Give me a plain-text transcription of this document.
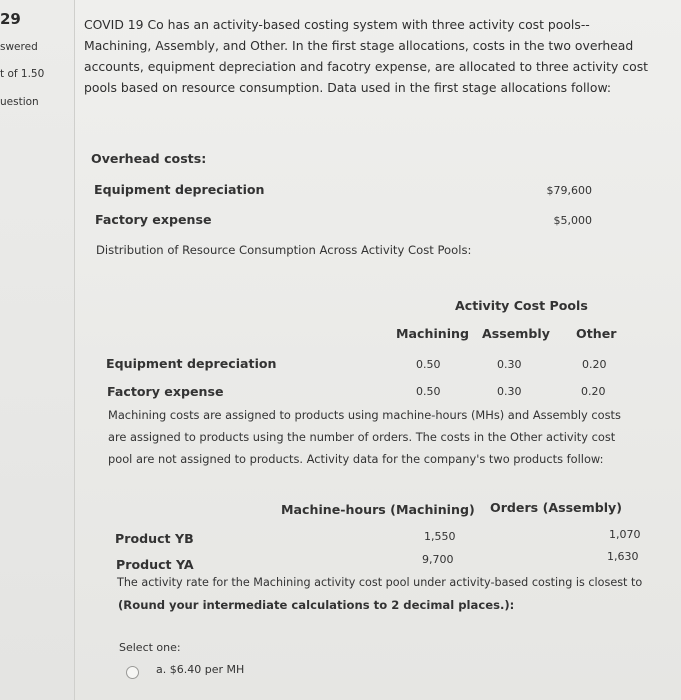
29
swered
t of 1.50
uestion
COVID 19 Co has an activity-based costing system with three activity cost pools--Machining, Assembly, and Other. In the first stage allocations, costs in the two overhead accounts, equipment depreciation and facotry expense, are allocated to three activity cost pools based on resource consumption. Data used in the first stage allocations follow:
Overhead costs:
Equipment depreciation	$79,600
Factory expense	$5,000
Distribution of Resource Consumption Across Activity Cost Pools:
Activity Cost Pools
Machining Assembly Other
Equipment depreciation	0.50	0.30	0.20
Factory expense	0.50	0.30	0.20
Machining costs are assigned to products using machine-hours (MHs) and Assembly costs are assigned to products using the number of orders. The costs in the Other activity cost pool are not assigned to products. Activity data for the company's two products follow:
Machine-hours (Machining) Orders (Assembly)
Product YB	1,550	1,070
Product YA	9,700	1,630
The activity rate for the Machining activity cost pool under activity-based costing is closest to
(Round your intermediate calculations to 2 decimal places.):
Select one:
a. $6.40 per MH
